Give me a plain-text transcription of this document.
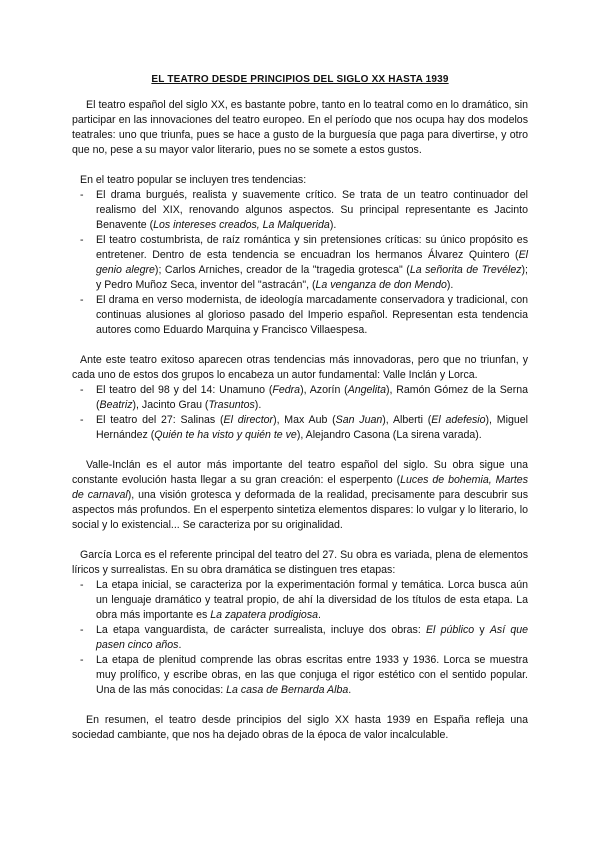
EL TEATRO DESDE PRINCIPIOS DEL SIGLO XX HASTA 1939

El teatro español del siglo XX, es bastante pobre, tanto en lo teatral como en lo dramático, sin participar en las innovaciones del teatro europeo. En el período que nos ocupa hay dos modelos teatrales: uno que triunfa, pues se hace a gusto de la burguesía que paga para divertirse, y otro que no, pese a su mayor valor literario, pues no se somete a estos gustos.

En el teatro popular se incluyen tres tendencias:

- El drama burgués, realista y suavemente crítico. Se trata de un teatro continuador del realismo del XIX, renovando algunos aspectos. Su principal representante es Jacinto Benavente (Los intereses creados, La Malquerida).
- El teatro costumbrista, de raíz romántica y sin pretensiones críticas: su único propósito es entretener. Dentro de esta tendencia se encuadran los hermanos Álvarez Quintero (El genio alegre); Carlos Arniches, creador de la "tragedia grotesca" (La señorita de Trevélez); y Pedro Muñoz Seca, inventor del "astracán", (La venganza de don Mendo).
- El drama en verso modernista, de ideología marcadamente conservadora y tradicional, con continuas alusiones al glorioso pasado del Imperio español. Representan esta tendencia autores como Eduardo Marquina y Francisco Villaespesa.

Ante este teatro exitoso aparecen otras tendencias más innovadoras, pero que no triunfan, y cada uno de estos dos grupos lo encabeza un autor fundamental: Valle Inclán y Lorca.

- El teatro del 98 y del 14: Unamuno (Fedra), Azorín (Angelita), Ramón Gómez de la Serna (Beatriz), Jacinto Grau (Trasuntos).
- El teatro del 27: Salinas (El director), Max Aub (San Juan), Alberti (El adefesio), Miguel Hernández (Quién te ha visto y quién te ve), Alejandro Casona (La sirena varada).

Valle-Inclán es el autor más importante del teatro español del siglo. Su obra sigue una constante evolución hasta llegar a su gran creación: el esperpento (Luces de bohemia, Martes de carnaval), una visión grotesca y deformada de la realidad, precisamente para descubrir sus aspectos más profundos. En el esperpento sintetiza elementos dispares: lo vulgar y lo literario, lo social y lo existencial... Se caracteriza por su originalidad.

García Lorca es el referente principal del teatro del 27. Su obra es variada, plena de elementos líricos y surrealistas. En su obra dramática se distinguen tres etapas:

- La etapa inicial, se caracteriza por la experimentación formal y temática. Lorca busca aún un lenguaje dramático y teatral propio, de ahí la diversidad de los títulos de esta etapa. La obra más importante es La zapatera prodigiosa.
- La etapa vanguardista, de carácter surrealista, incluye dos obras: El público y Así que pasen cinco años.
- La etapa de plenitud comprende las obras escritas entre 1933 y 1936. Lorca se muestra muy prolífico, y escribe obras, en las que conjuga el rigor estético con el sentido popular. Una de las más conocidas: La casa de Bernarda Alba.

En resumen, el teatro desde principios del siglo XX hasta 1939 en España refleja una sociedad cambiante, que nos ha dejado obras de la época de valor incalculable.
